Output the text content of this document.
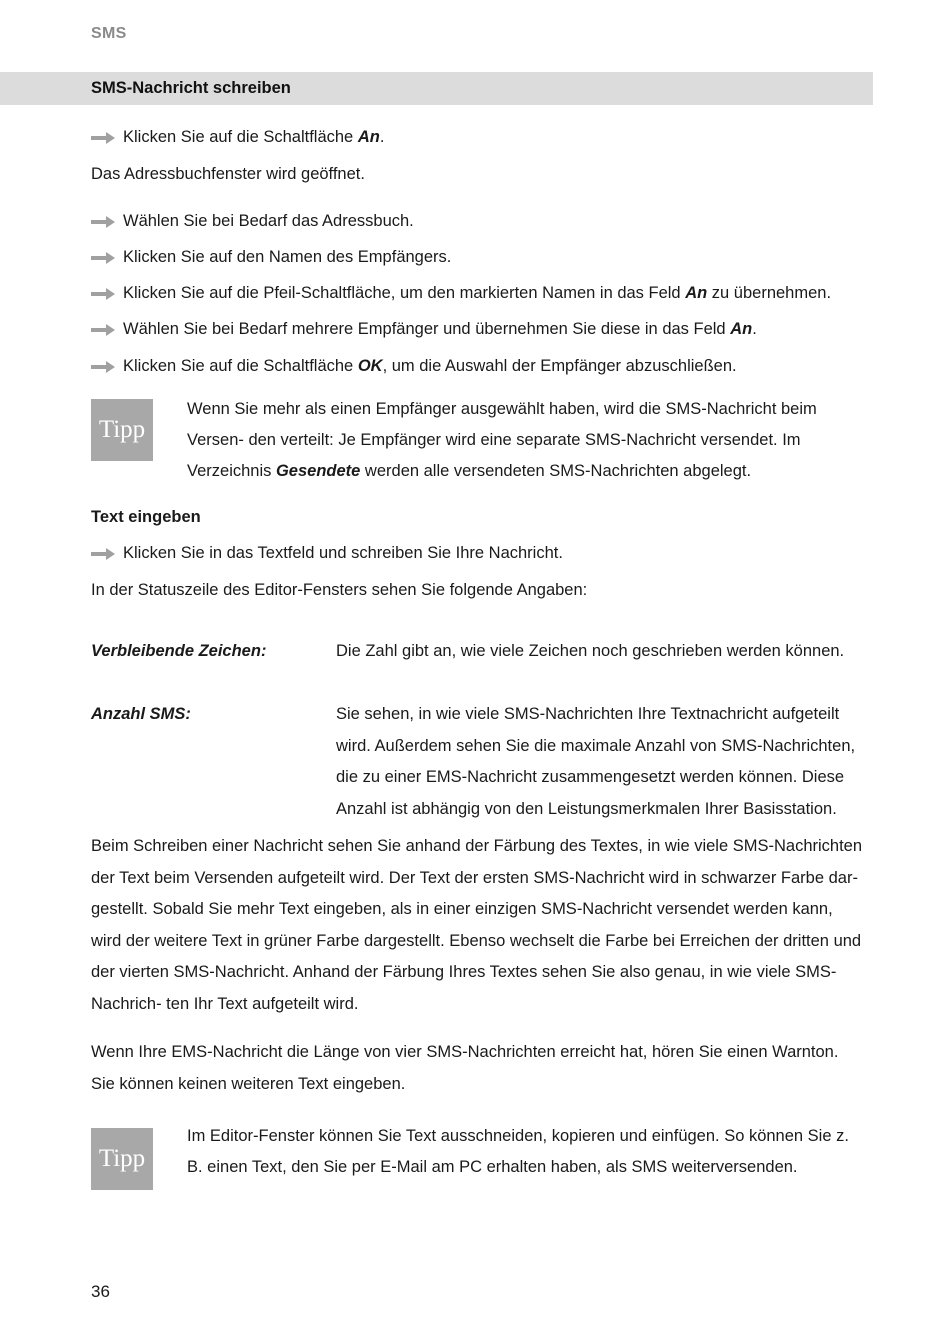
SMS
SMS-Nachricht schreiben
Klicken Sie auf die Schaltfläche An.
Das Adressbuchfenster wird geöffnet.
Wählen Sie bei Bedarf das Adressbuch.
Klicken Sie auf den Namen des Empfängers.
Klicken Sie auf die Pfeil-Schaltfläche, um den markierten Namen in das Feld An zu übernehmen.
Wählen Sie bei Bedarf mehrere Empfänger und übernehmen Sie diese in das Feld An.
Klicken Sie auf die Schaltfläche OK, um die Auswahl der Empfänger abzuschließen.
Tipp
Wenn Sie mehr als einen Empfänger ausgewählt haben, wird die SMS-Nachricht beim Versen- den verteilt: Je Empfänger wird eine separate SMS-Nachricht versendet. Im Verzeichnis Gesendete werden alle versendeten SMS-Nachrichten abgelegt.
Text eingeben
Klicken Sie in das Textfeld und schreiben Sie Ihre Nachricht.
In der Statuszeile des Editor-Fensters sehen Sie folgende Angaben:
Verbleibende Zeichen:	Die Zahl gibt an, wie viele Zeichen noch geschrieben werden können.
Anzahl SMS:	Sie sehen, in wie viele SMS-Nachrichten Ihre Textnachricht aufgeteilt wird. Außerdem sehen Sie die maximale Anzahl von SMS-Nachrichten, die zu einer EMS-Nachricht zusammengesetzt werden können. Diese Anzahl ist abhängig von den Leistungsmerkmalen Ihrer Basisstation.
Beim Schreiben einer Nachricht sehen Sie anhand der Färbung des Textes, in wie viele SMS-Nachrichten der Text beim Versenden aufgeteilt wird. Der Text der ersten SMS-Nachricht wird in schwarzer Farbe dar- gestellt. Sobald Sie mehr Text eingeben, als in einer einzigen SMS-Nachricht versendet werden kann, wird der weitere Text in grüner Farbe dargestellt. Ebenso wechselt die Farbe bei Erreichen der dritten und der vierten SMS-Nachricht. Anhand der Färbung Ihres Textes sehen Sie also genau, in wie viele SMS-Nachrich- ten Ihr Text aufgeteilt wird.
Wenn Ihre EMS-Nachricht die Länge von vier SMS-Nachrichten erreicht hat, hören Sie einen Warnton. Sie können keinen weiteren Text eingeben.
Tipp
Im Editor-Fenster können Sie Text ausschneiden, kopieren und einfügen. So können Sie z. B. einen Text, den Sie per E-Mail am PC erhalten haben, als SMS weiterversenden.
36
